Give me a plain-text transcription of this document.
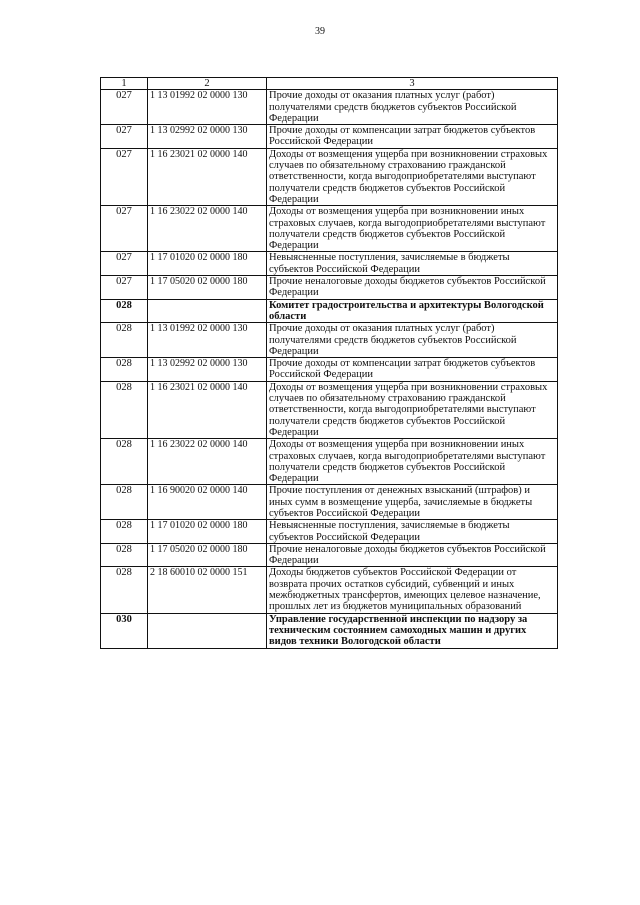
39
1	2	3
027	1 13 01992 02 0000 130	Прочие доходы от оказания платных услуг (работ) получателями средств бюджетов субъектов Российской Федерации
027	1 13 02992 02 0000 130	Прочие доходы от компенсации затрат бюджетов субъектов Российской Федерации
027	1 16 23021 02 0000 140	Доходы от возмещения ущерба при возникновении страховых случаев по обязательному страхованию гражданской ответственности, когда выгодоприобретателями выступают получатели средств бюджетов субъектов Российской Федерации
027	1 16 23022 02 0000 140	Доходы от возмещения ущерба при возникновении иных страховых случаев, когда выгодоприобретателями выступают получатели средств бюджетов субъектов Российской Федерации
027	1 17 01020 02 0000 180	Невыясненные поступления, зачисляемые в бюджеты субъектов Российской Федерации
027	1 17 05020 02 0000 180	Прочие неналоговые доходы бюджетов субъектов Российской Федерации
028		Комитет градостроительства и архитектуры Вологодской области
028	1 13 01992 02 0000 130	Прочие доходы от оказания платных услуг (работ) получателями средств бюджетов субъектов Российской Федерации
028	1 13 02992 02 0000 130	Прочие доходы от компенсации затрат бюджетов субъектов Российской Федерации
028	1 16 23021 02 0000 140	Доходы от возмещения ущерба при возникновении страховых случаев по обязательному страхованию гражданской ответственности, когда выгодоприобретателями выступают получатели средств бюджетов субъектов Российской Федерации
028	1 16 23022 02 0000 140	Доходы от возмещения ущерба при возникновении иных страховых случаев, когда выгодоприобретателями выступают получатели средств бюджетов субъектов Российской Федерации
028	1 16 90020 02 0000 140	Прочие поступления от денежных взысканий (штрафов) и иных сумм в возмещение ущерба, зачисляемые в бюджеты субъектов Российской Федерации
028	1 17 01020 02 0000 180	Невыясненные поступления, зачисляемые в бюджеты субъектов Российской Федерации
028	1 17 05020 02 0000 180	Прочие неналоговые доходы бюджетов субъектов Российской Федерации
028	2 18 60010 02 0000 151	Доходы бюджетов субъектов Российской Федерации от возврата прочих остатков субсидий, субвенций и иных межбюджетных трансфертов, имеющих целевое назначение, прошлых лет из бюджетов муниципальных образований
030		Управление государственной инспекции по надзору за техническим состоянием самоходных машин и других видов техники Вологодской области
